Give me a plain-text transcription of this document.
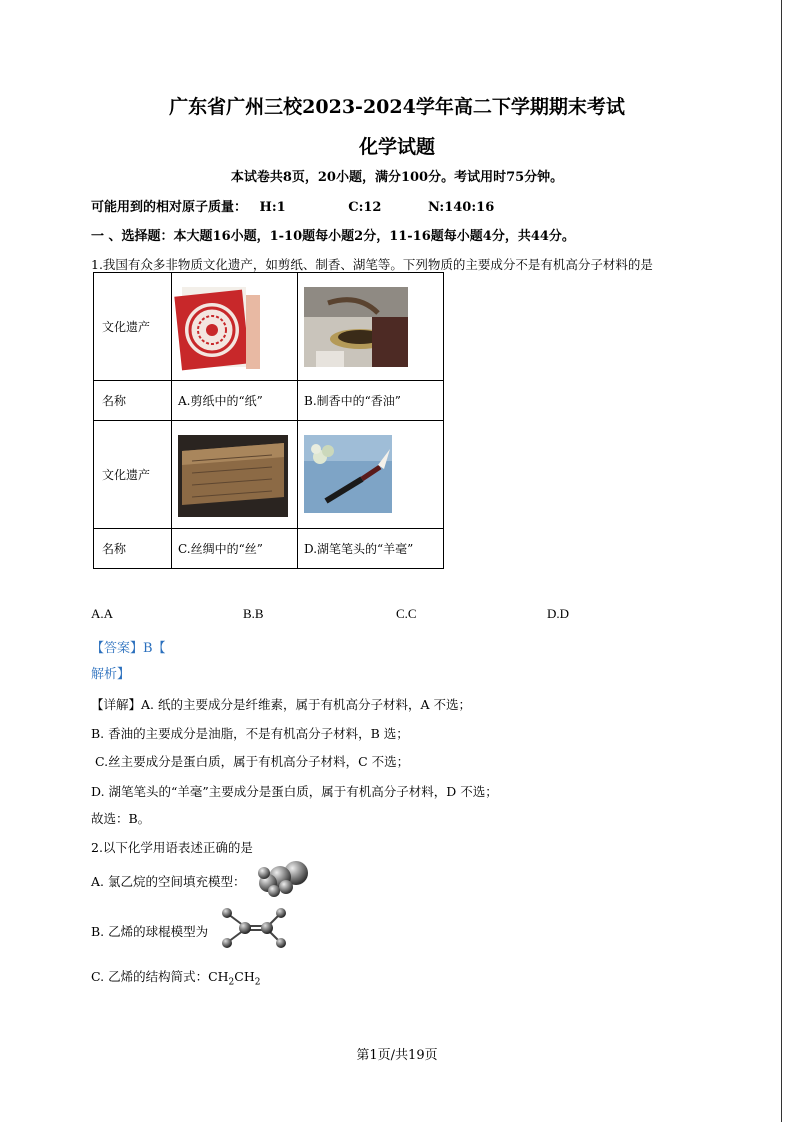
广东省广州三校2023-2024学年高二下学期期末考试
化学试题
本试卷共8页，20小题，满分100分。考试用时75分钟。
可能用到的相对原子质量： H:1	C:12	N:140:16
一 、选择题：本大题16小题，1-10题每小题2分，11-16题每小题4分，共44分。
1.我国有众多非物质文化遗产，如剪纸、制香、湖笔等。下列物质的主要成分不是有机高分子材料的是
文化遗产	

名称	A.剪纸中的“纸”	B.制香中的“香油”
文化遗产	

名称	C.丝绸中的“丝”	D.湖笔笔头的“羊毫”
A.A	B.B	C.C	D.D
【答案】B【
解析】
【详解】A. 纸的主要成分是纤维素，属于有机高分子材料，A 不选；
B. 香油的主要成分是油脂，不是有机高分子材料，B 选；
C.丝主要成分是蛋白质，属于有机高分子材料，C 不选；
D. 湖笔笔头的“羊毫”主要成分是蛋白质，属于有机高分子材料，D 不选；
故选：B。
2.以下化学用语表述正确的是
A. 氯乙烷的空间填充模型：
B. 乙烯的球棍模型为
C. 乙烯的结构简式：$CH_2CH_2$
第1页/共19页
